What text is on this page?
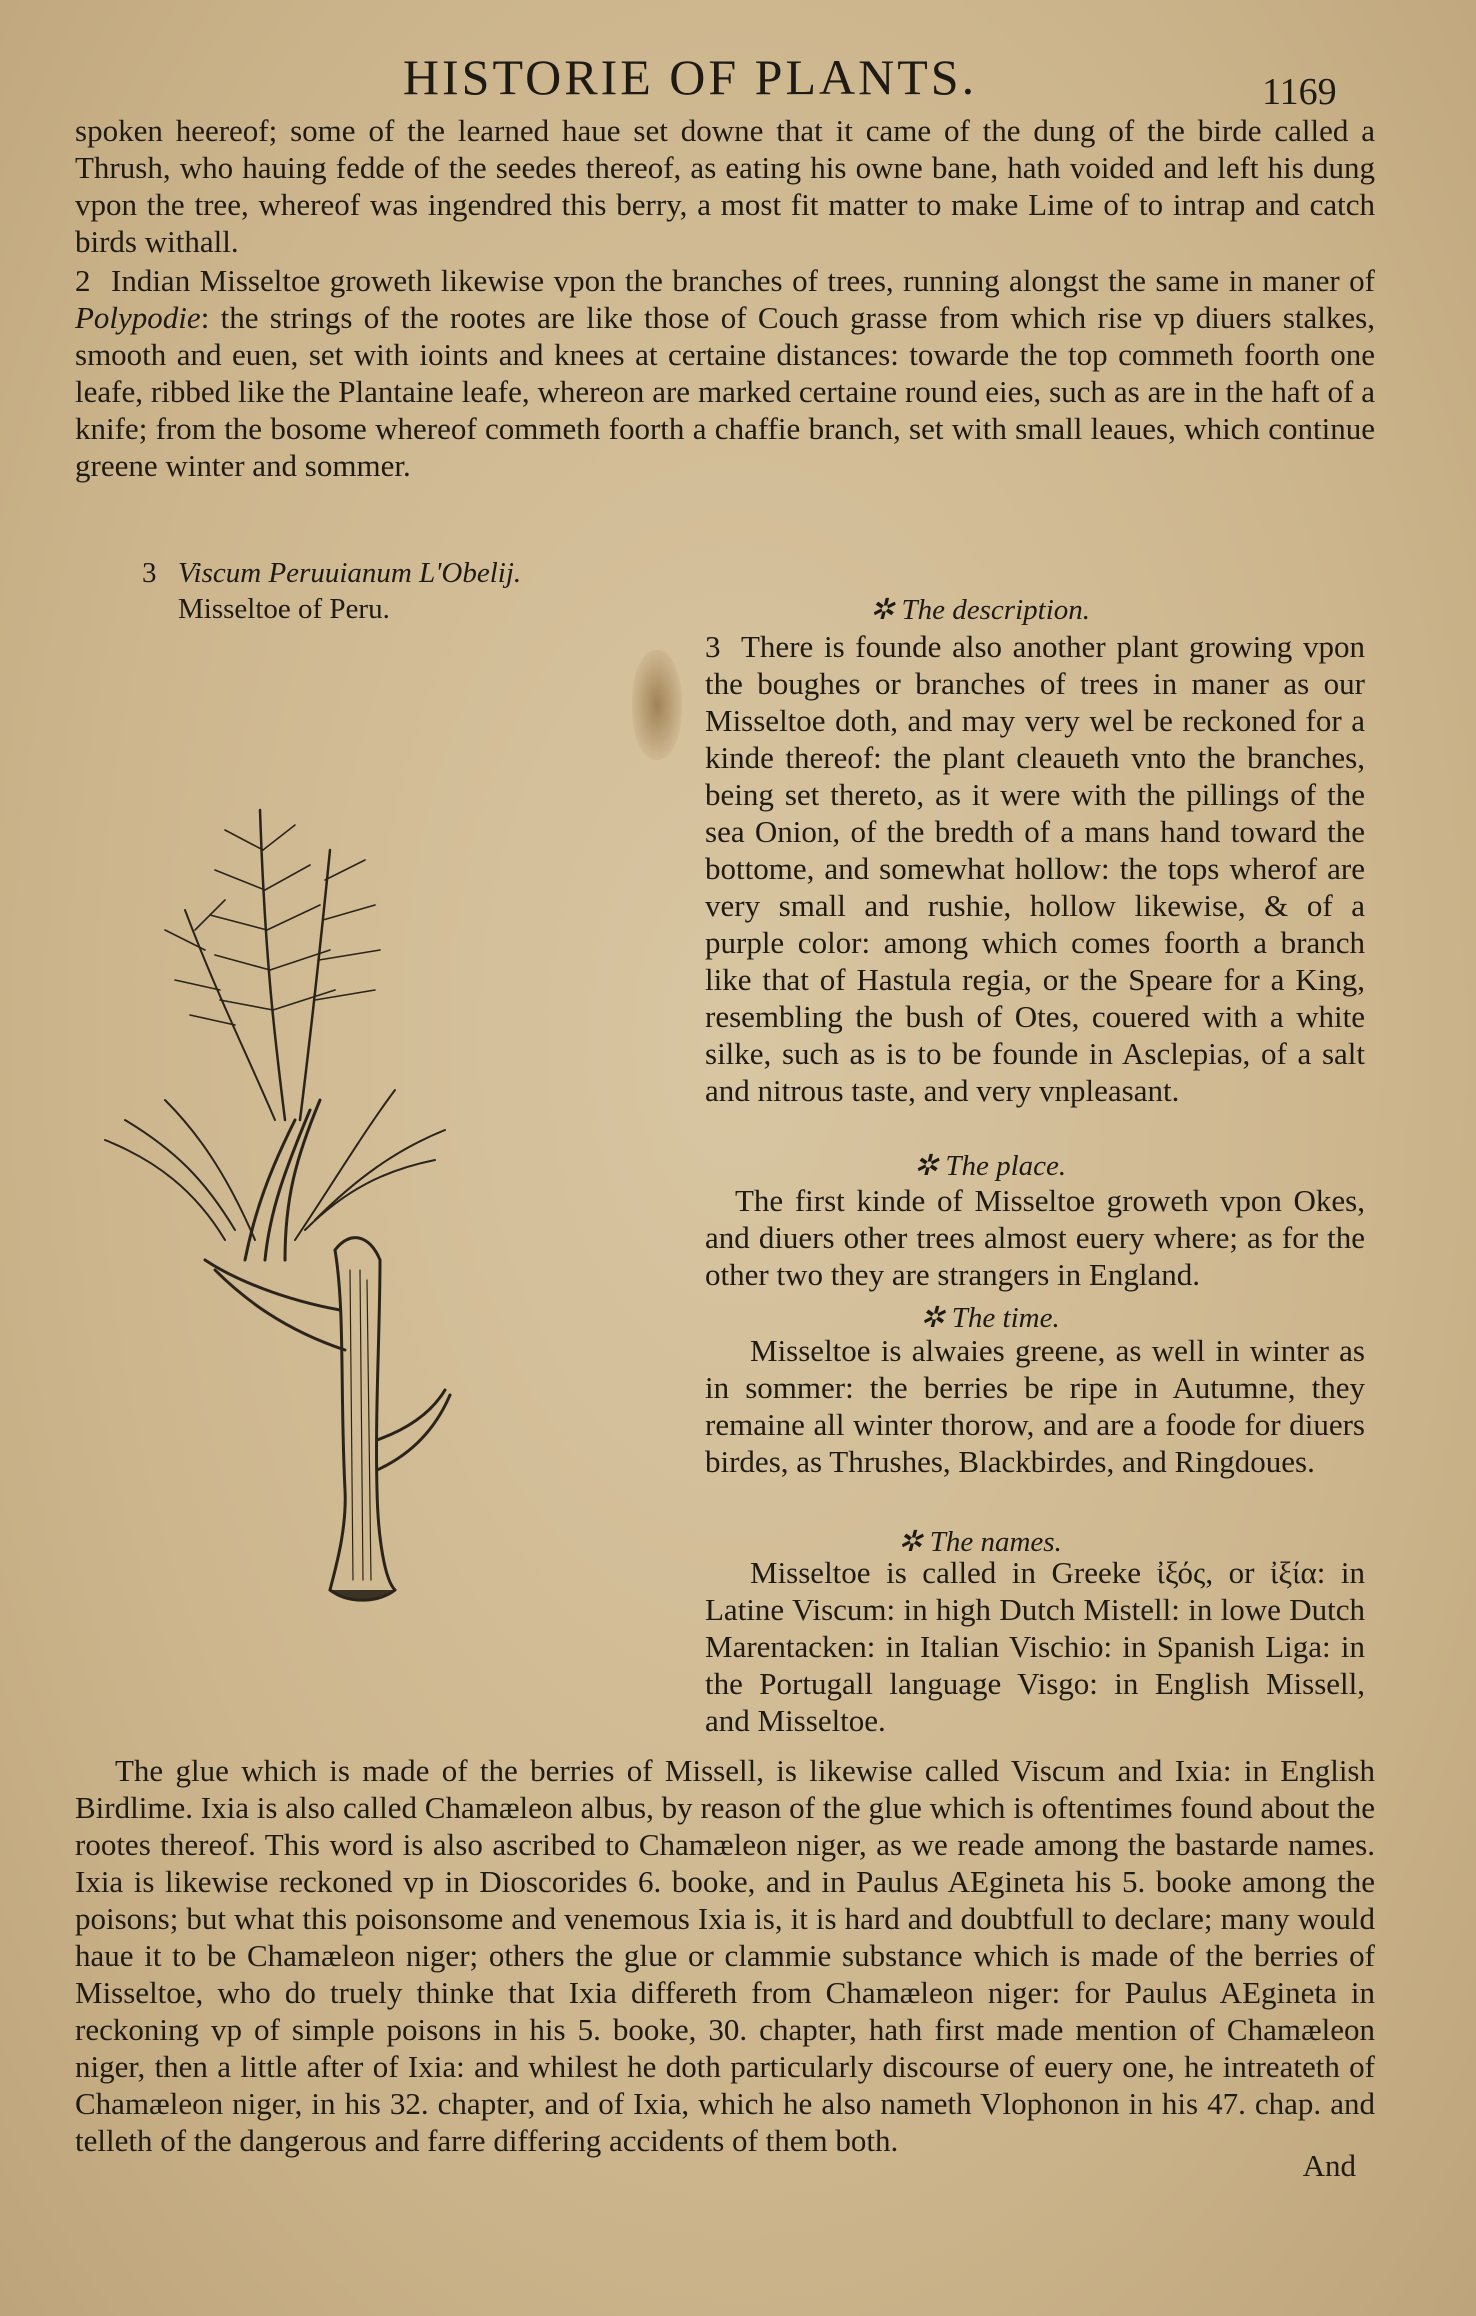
HISTORIE OF PLANTS.	1169
spoken heereof; some of the learned haue set downe that it came of the dung of the birde called a Thrush, who hauing fedde of the seedes thereof, as eating his owne bane, hath voided and left his dung vpon the tree, whereof was ingendred this berry, a most fit matter to make Lime of to intrap and catch birds withall.
2 Indian Misseltoe groweth likewise vpon the branches of trees, running alongst the same in maner of Polypodie: the strings of the rootes are like those of Couch grasse from which rise vp diuers stalkes, smooth and euen, set with ioints and knees at certaine distances: towarde the top commeth foorth one leafe, ribbed like the Plantaine leafe, whereon are marked certaine round eies, such as are in the haft of a knife; from the bosome whereof commeth foorth a chaffie branch, set with small leaues, which continue greene winter and sommer.
3 Viscum Peruuianum L'Obelij.
Misseltoe of Peru.	✲ The description.
3 There is founde also another plant growing vpon the boughes or branches of trees in maner as our Misseltoe doth, and may very wel be reckoned for a kinde thereof: the plant cleaueth vnto the branches, being set thereto, as it were with the pillings of the sea Onion, of the bredth of a mans hand toward the bottome, and somewhat hollow: the tops wherof are very small and rushie, hollow likewise, & of a purple color: among which comes foorth a branch like that of Hastula regia, or the Speare for a King, resembling the bush of Otes, couered with a white silke, such as is to be founde in Asclepias, of a salt and nitrous taste, and very vnpleasant.
✲ The place.
The first kinde of Misseltoe groweth vpon Okes, and diuers other trees almost euery where; as for the other two they are strangers in England.
✲ The time.
Misseltoe is alwaies greene, as well in winter as in sommer: the berries be ripe in Autumne, they remaine all winter thorow, and are a foode for diuers birdes, as Thrushes, Blackbirdes, and Ringdoues.
✲ The names.
Misseltoe is called in Greeke ἰξός, or ἰξία: in Latine Viscum: in high Dutch Mistell: in lowe Dutch Marentacken: in Italian Vischio: in Spanish Liga: in the Portugall language Visgo: in English Missell, and Misseltoe.
The glue which is made of the berries of Missell, is likewise called Viscum and Ixia: in English Birdlime. Ixia is also called Chamæleon albus, by reason of the glue which is oftentimes found about the rootes thereof. This word is also ascribed to Chamæleon niger, as we reade among the bastarde names. Ixia is likewise reckoned vp in Dioscorides 6. booke, and in Paulus AEgineta his 5. booke among the poisons; but what this poisonsome and venemous Ixia is, it is hard and doubtfull to declare; many would haue it to be Chamæleon niger; others the glue or clammie substance which is made of the berries of Misseltoe, who do truely thinke that Ixia differeth from Chamæleon niger: for Paulus AEgineta in reckoning vp of simple poisons in his 5. booke, 30. chapter, hath first made mention of Chamæleon niger, then a little after of Ixia: and whilest he doth particularly discourse of euery one, he intreateth of Chamæleon niger, in his 32. chapter, and of Ixia, which he also nameth Vlophonon in his 47. chap. and telleth of the dangerous and farre differing accidents of them both.
And
